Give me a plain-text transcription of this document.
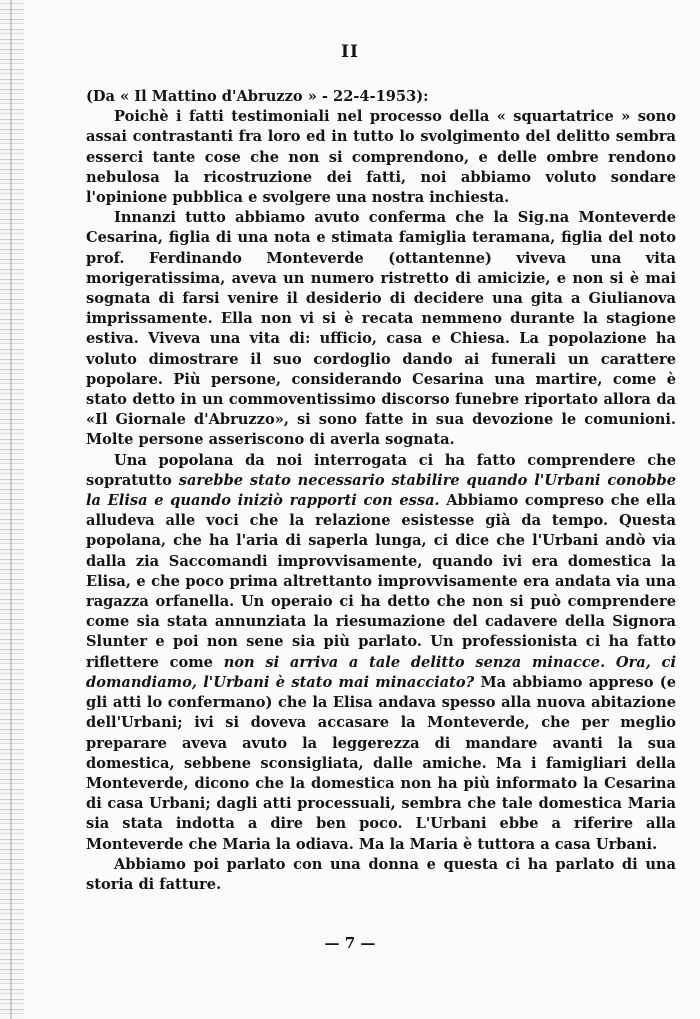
II

(Da « Il Mattino d'Abruzzo » - 22-4-1953):

Poichè i fatti testimoniali nel processo della « squartatrice » sono assai contrastanti fra loro ed in tutto lo svolgimento del delitto sembra esserci tante cose che non si comprendono, e delle ombre rendono nebulosa la ricostruzione dei fatti, noi abbiamo voluto sondare l'opinione pubblica e svolgere una nostra inchiesta.

Innanzi tutto abbiamo avuto conferma che la Sig.na Monteverde Cesarina, figlia di una nota e stimata famiglia teramana, figlia del noto prof. Ferdinando Monteverde (ottantenne) viveva una vita morigeratissima, aveva un numero ristretto di amicizie, e non si è mai sognata di farsi venire il desiderio di decidere una gita a Giulianova imprissamente. Ella non vi si è recata nemmeno durante la stagione estiva. Viveva una vita di: ufficio, casa e Chiesa. La popolazione ha voluto dimostrare il suo cordoglio dando ai funerali un carattere popolare. Più persone, considerando Cesarina una martire, come è stato detto in un commoventissimo discorso funebre riportato allora da «Il Giornale d'Abruzzo», si sono fatte in sua devozione le comunioni. Molte persone asseriscono di averla sognata.

Una popolana da noi interrogata ci ha fatto comprendere che sopratutto sarebbe stato necessario stabilire quando l'Urbani conobbe la Elisa e quando iniziò rapporti con essa. Abbiamo compreso che ella alludeva alle voci che la relazione esistesse già da tempo. Questa popolana, che ha l'aria di saperla lunga, ci dice che l'Urbani andò via dalla zia Saccomandi improvvisamente, quando ivi era domestica la Elisa, e che poco prima altrettanto improvvisamente era andata via una ragazza orfanella. Un operaio ci ha detto che non si può comprendere come sia stata annunziata la riesumazione del cadavere della Signora Slunter e poi non sene sia più parlato. Un professionista ci ha fatto riflettere come non si arriva a tale delitto senza minacce. Ora, ci domandiamo, l'Urbani è stato mai minacciato? Ma abbiamo appreso (e gli atti lo confermano) che la Elisa andava spesso alla nuova abitazione dell'Urbani; ivi si doveva accasare la Monteverde, che per meglio preparare aveva avuto la leggerezza di mandare avanti la sua domestica, sebbene sconsigliata, dalle amiche. Ma i famigliari della Monteverde, dicono che la domestica non ha più informato la Cesarina di casa Urbani; dagli atti processuali, sembra che tale domestica Maria sia stata indotta a dire ben poco. L'Urbani ebbe a riferire alla Monteverde che Maria la odiava. Ma la Maria è tuttora a casa Urbani.

Abbiamo poi parlato con una donna e questa ci ha parlato di una storia di fatture.

— 7 —
